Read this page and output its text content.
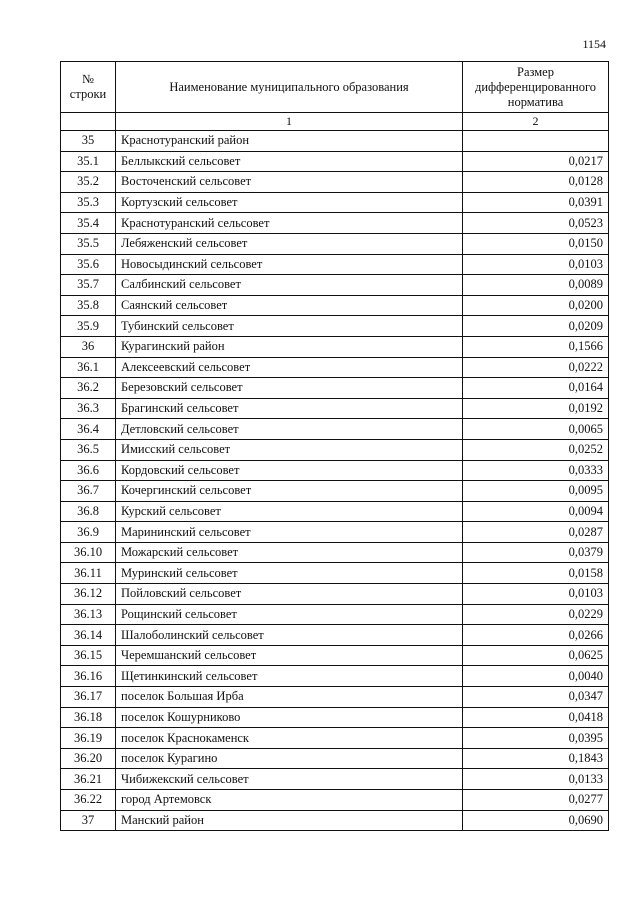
1154
№ строки	Наименование муниципального образования	Размер дифференцированного норматива
	1	2
35	Краснотуранский район	
35.1	Беллыкский сельсовет	0,0217
35.2	Восточенский сельсовет	0,0128
35.3	Кортузский сельсовет	0,0391
35.4	Краснотуранский сельсовет	0,0523
35.5	Лебяженский сельсовет	0,0150
35.6	Новосыдинский сельсовет	0,0103
35.7	Салбинский сельсовет	0,0089
35.8	Саянский сельсовет	0,0200
35.9	Тубинский сельсовет	0,0209
36	Курагинский район	0,1566
36.1	Алексеевский сельсовет	0,0222
36.2	Березовский сельсовет	0,0164
36.3	Брагинский сельсовет	0,0192
36.4	Детловский сельсовет	0,0065
36.5	Имисский сельсовет	0,0252
36.6	Кордовский сельсовет	0,0333
36.7	Кочергинский сельсовет	0,0095
36.8	Курский сельсовет	0,0094
36.9	Марининский сельсовет	0,0287
36.10	Можарский сельсовет	0,0379
36.11	Муринский сельсовет	0,0158
36.12	Пойловский сельсовет	0,0103
36.13	Рощинский сельсовет	0,0229
36.14	Шалоболинский сельсовет	0,0266
36.15	Черемшанский сельсовет	0,0625
36.16	Щетинкинский сельсовет	0,0040
36.17	поселок Большая Ирба	0,0347
36.18	поселок Кошурниково	0,0418
36.19	поселок Краснокаменск	0,0395
36.20	поселок Курагино	0,1843
36.21	Чибижекский сельсовет	0,0133
36.22	город Артемовск	0,0277
37	Манский район	0,0690
